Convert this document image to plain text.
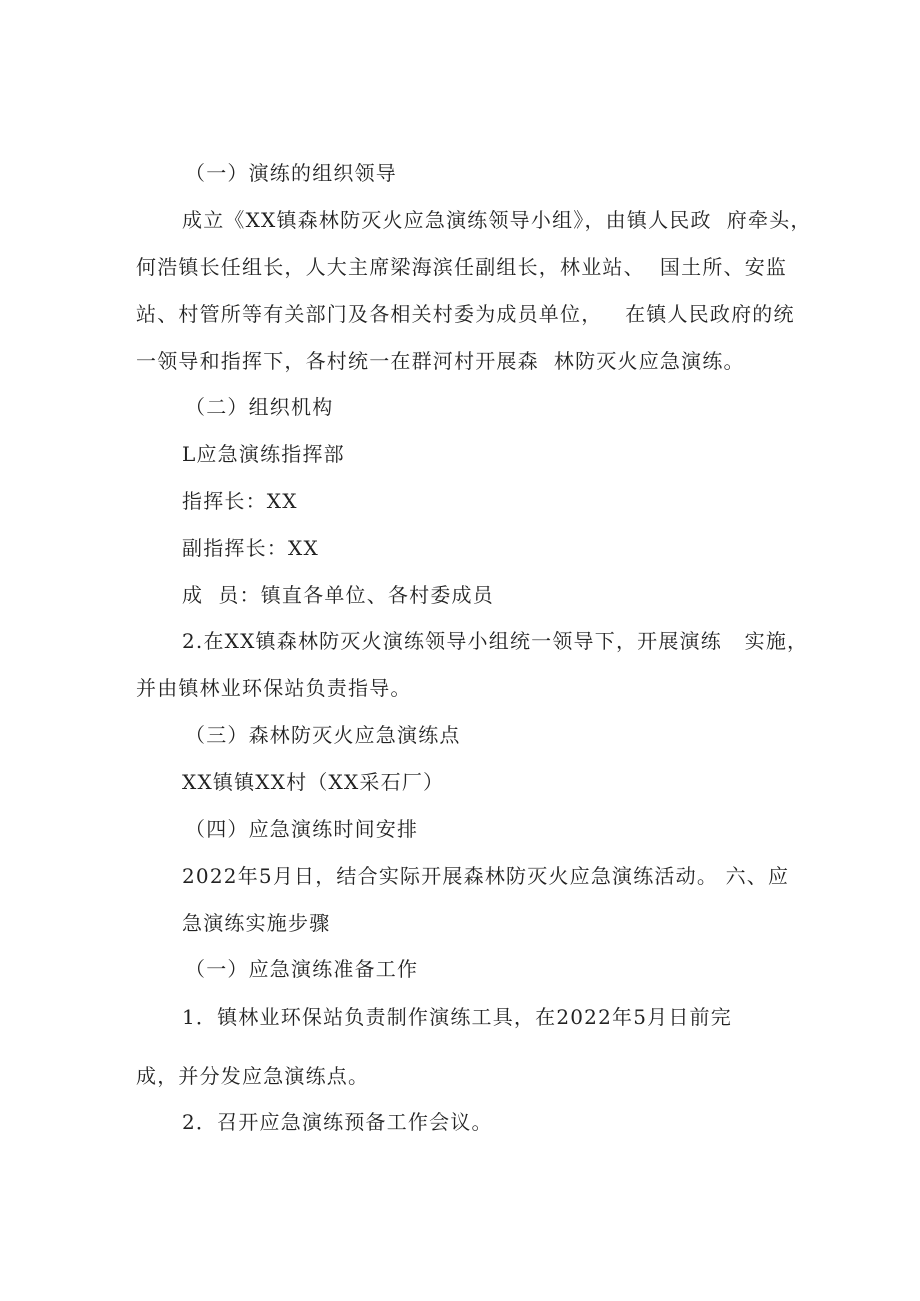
（一）演练的组织领导
成立《XX镇森林防灭火应急演练领导小组》，由镇人民政  府牵头，
何浩镇长任组长，人大主席梁海滨任副组长，林业站、  国土所、安监
站、村管所等有关部门及各相关村委为成员单位，   在镇人民政府的统
一领导和指挥下，各村统一在群河村开展森  林防灭火应急演练。
（二）组织机构
L应急演练指挥部
指挥长：XX
副指挥长：XX
成  员：镇直各单位、各村委成员
2.在XX镇森林防灭火演练领导小组统一领导下，开展演练   实施，
并由镇林业环保站负责指导。
（三）森林防灭火应急演练点
XX镇镇XX村（XX采石厂）
（四）应急演练时间安排
2022年5月日，结合实际开展森林防灭火应急演练活动。 六、应
急演练实施步骤
（一）应急演练准备工作
1．镇林业环保站负责制作演练工具，在2022年5月日前完
成，并分发应急演练点。
2．召开应急演练预备工作会议。
